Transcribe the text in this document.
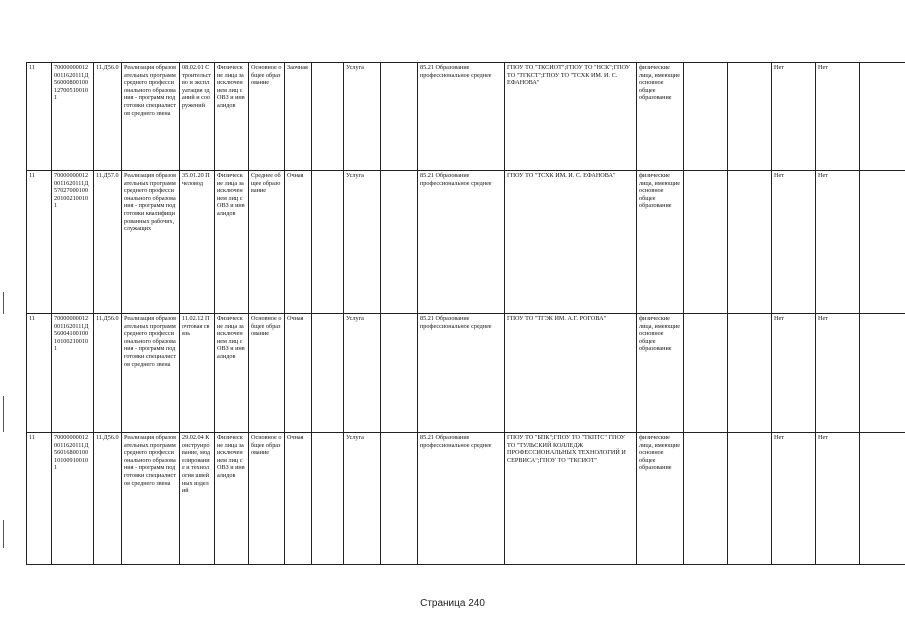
11	700000000120011620111Д56000800100127005100101	11.Д56.0	Реализация образовательных программ среднего профессионального образования - программ подготовки специалистов среднего звена	08.02.01 Строительство и эксплуатация зданий и сооружений	Физические лица за исключением лиц с ОВЗ и инвалидов	Основное общее образование	Заочная		Услуга		85.21 Образование профессиональное среднее	ГПОУ ТО "ТКСИОТ";ГПОУ ТО "НСК";ГПОУ ТО "ТГКСТ";ГПОУ ТО "ТСХК ИМ. И. С. ЕФАНОВА"	физические лица, имеющие основное общее образование			Нет	Нет	
11	700000000120011620111Д57027000100201002100101	11.Д57.0	Реализация образовательных программ среднего профессионального образования - программ подготовки квалифицированных рабочих, служащих	35.01.20 Пчеловод	Физические лица за исключением лиц с ОВЗ и инвалидов	Среднее общее образование	Очная		Услуга		85.21 Образование профессиональное среднее	ГПОУ ТО "ТСХК ИМ. И. С. ЕФАНОВА"	физические лица, имеющие основное общее образование			Нет	Нет	
11	700000000120011620111Д56004100100101002100101	11.Д56.0	Реализация образовательных программ среднего профессионального образования - программ подготовки специалистов среднего звена	11.02.12 Почтовая связь	Физические лица за исключением лиц с ОВЗ и инвалидов	Основное общее образование	Очная		Услуга		85.21 Образование профессиональное среднее	ГПОУ ТО "ТГЭК ИМ. А.Г. РОГОВА"	физические лица, имеющие основное общее образование			Нет	Нет	
11	700000000120011620111Д56016800100101009100101	11.Д56.0	Реализация образовательных программ среднего профессионального образования - программ подготовки специалистов среднего звена	29.02.04 Конструирование, моделирование и технология швейных изделий	Физические лица за исключением лиц с ОВЗ и инвалидов	Основное общее образование	Очная		Услуга		85.21 Образование профессиональное среднее	ГПОУ ТО "БПК";ГПОУ ТО "ТКПТС" ГПОУ ТО "ТУЛЬСКИЙ КОЛЛЕДЖ ПРОФЕССИОНАЛЬНЫХ ТЕХНОЛОГИЙ И СЕРВИСА";ГПОУ ТО "ТКСИОТ"	физические лица, имеющие основное общее образование			Нет	Нет	
Страница 240
